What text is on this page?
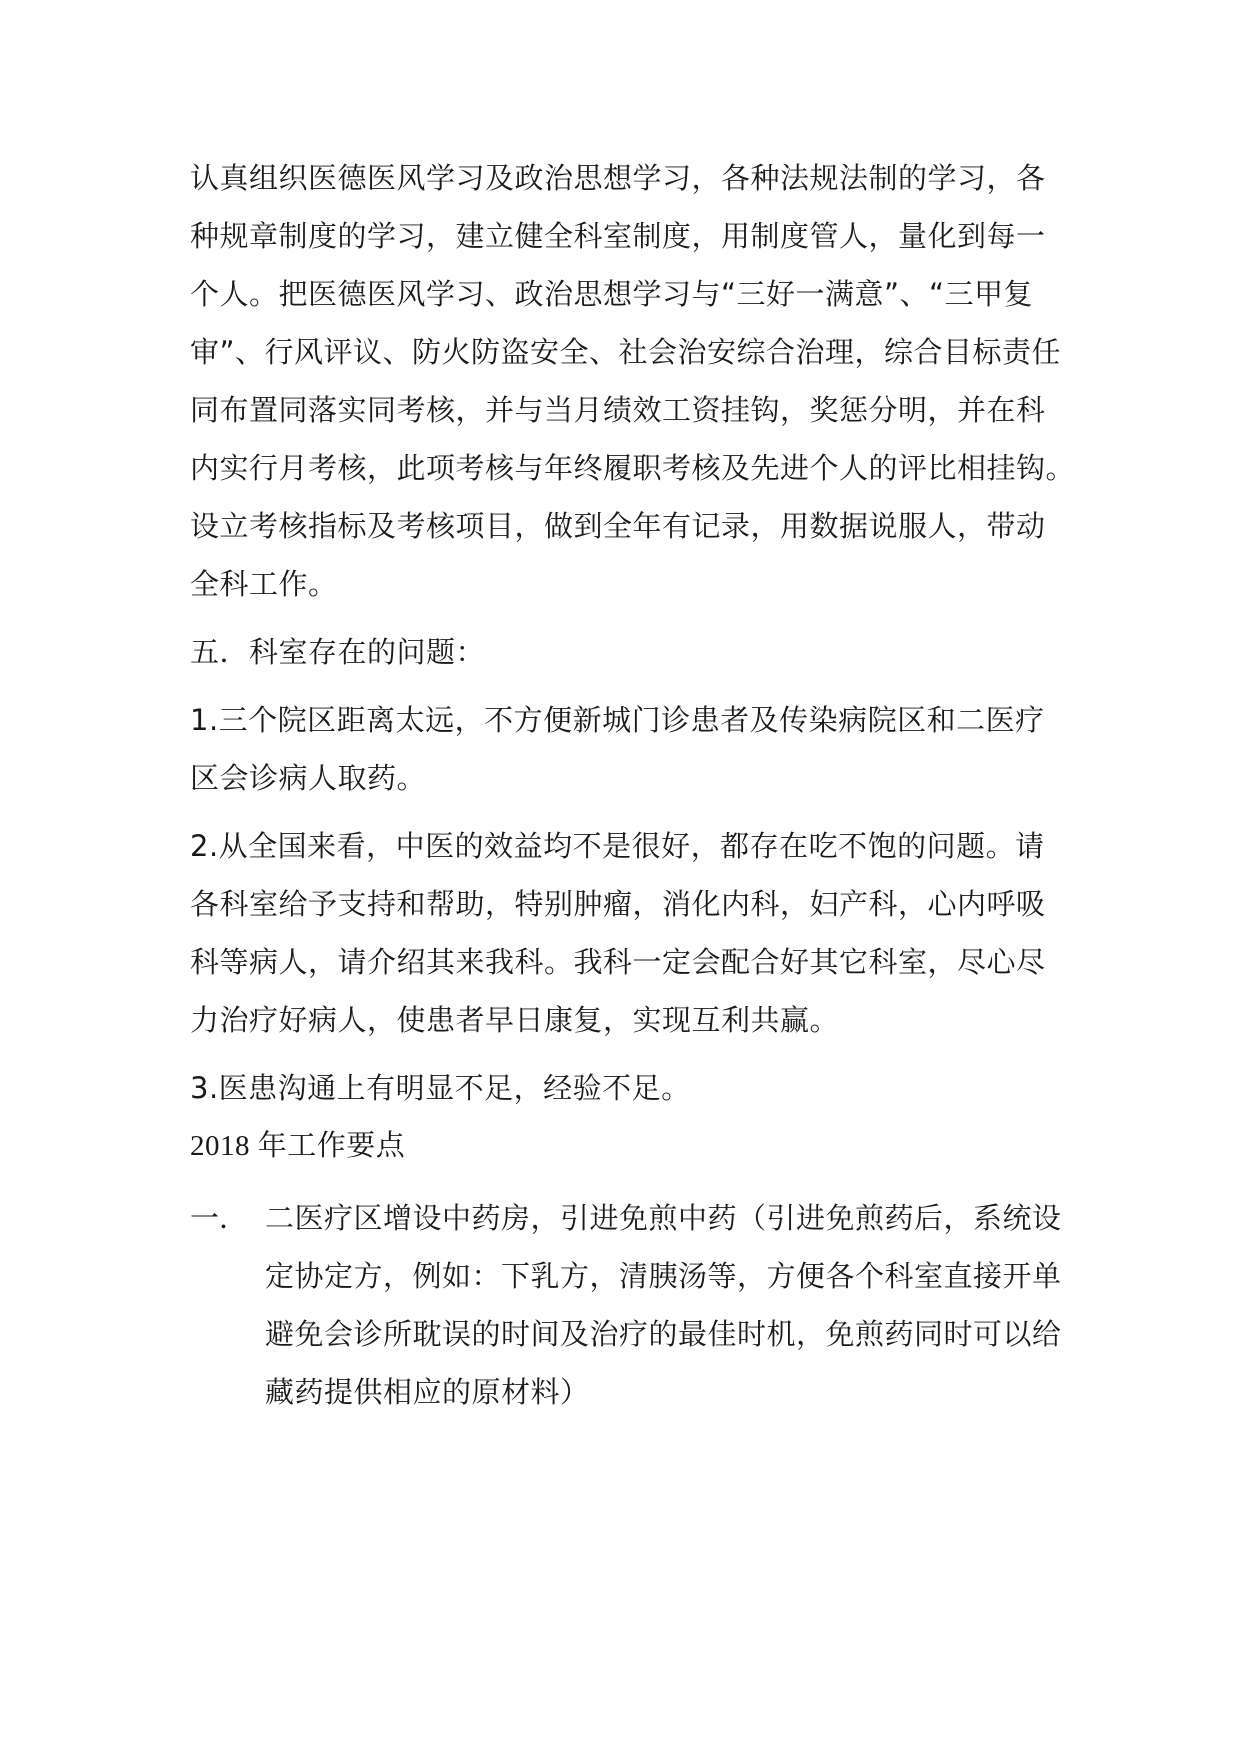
认真组织医德医风学习及政治思想学习，各种法规法制的学习，各
种规章制度的学习，建立健全科室制度，用制度管人，量化到每一
个人。把医德医风学习、政治思想学习与“三好一满意”、“三甲复
审”、行风评议、防火防盗安全、社会治安综合治理，综合目标责任
同布置同落实同考核，并与当月绩效工资挂钩，奖惩分明，并在科
内实行月考核，此项考核与年终履职考核及先进个人的评比相挂钩。
设立考核指标及考核项目，做到全年有记录，用数据说服人，带动
全科工作。
五．科室存在的问题：
1.三个院区距离太远，不方便新城门诊患者及传染病院区和二医疗
区会诊病人取药。
2.从全国来看，中医的效益均不是很好，都存在吃不饱的问题。请
各科室给予支持和帮助，特别肿瘤，消化内科，妇产科，心内呼吸
科等病人，请介绍其来我科。我科一定会配合好其它科室，尽心尽
力治疗好病人，使患者早日康复，实现互利共赢。
3.医患沟通上有明显不足，经验不足。
2018 年工作要点
一． 二医疗区增设中药房，引进免煎中药（引进免煎药后，系统设
定协定方，例如：下乳方，清胰汤等，方便各个科室直接开单
避免会诊所耽误的时间及治疗的最佳时机，免煎药同时可以给
藏药提供相应的原材料）
